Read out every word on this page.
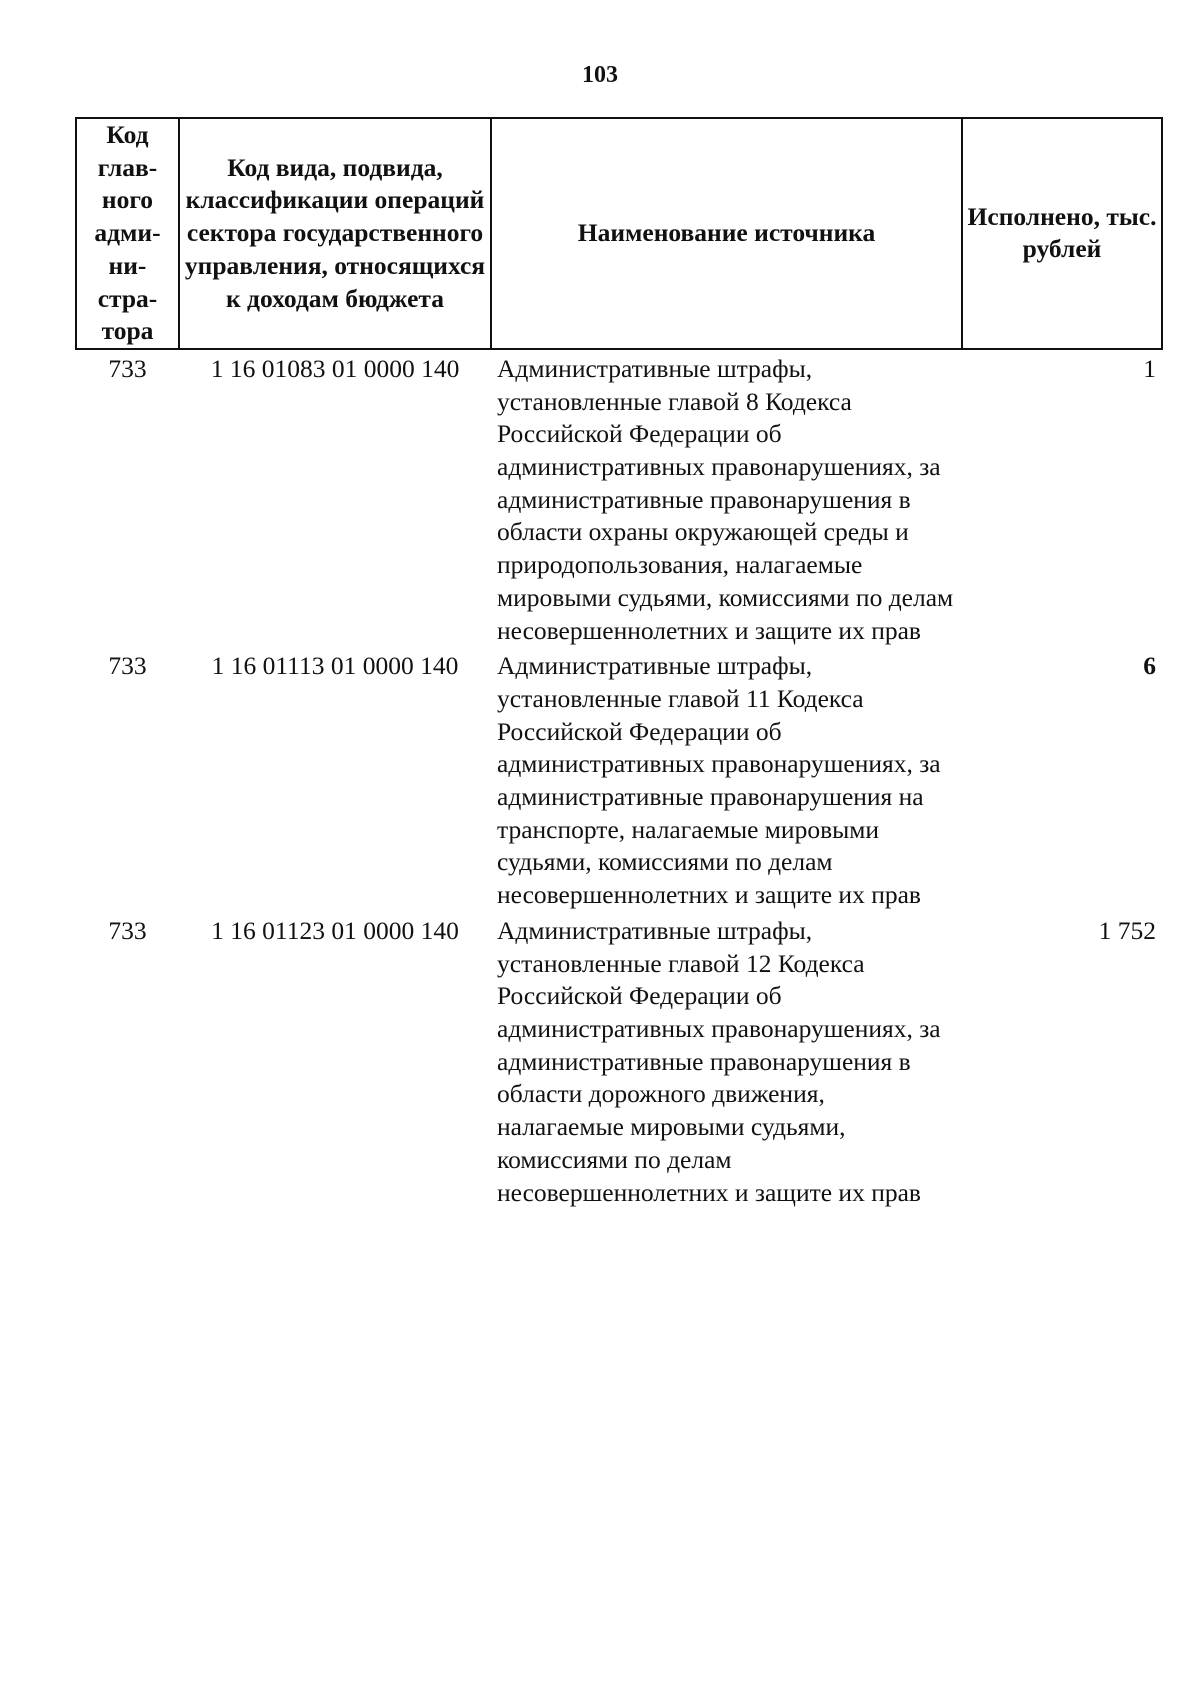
103
Код глав-ного адми-ни-стра-тора	Код вида, подвида, классификации операций сектора государственного управления, относящихся к доходам бюджета	Наименование источника	Исполнено, тыс. рублей
733	1 16 01083 01 0000 140	Административные штрафы, установленные главой 8 Кодекса Российской Федерации об административных правонарушениях, за административные правонарушения в области охраны окружающей среды и природопользования, налагаемые мировыми судьями, комиссиями по делам несовершеннолетних и защите их прав	1
733	1 16 01113 01 0000 140	Административные штрафы, установленные главой 11 Кодекса Российской Федерации об административных правонарушениях, за административные правонарушения на транспорте, налагаемые мировыми судьями, комиссиями по делам несовершеннолетних и защите их прав	6
733	1 16 01123 01 0000 140	Административные штрафы, установленные главой 12 Кодекса Российской Федерации об административных правонарушениях, за административные правонарушения в области дорожного движения, налагаемые мировыми судьями, комиссиями по делам несовершеннолетних и защите их прав	1 752
